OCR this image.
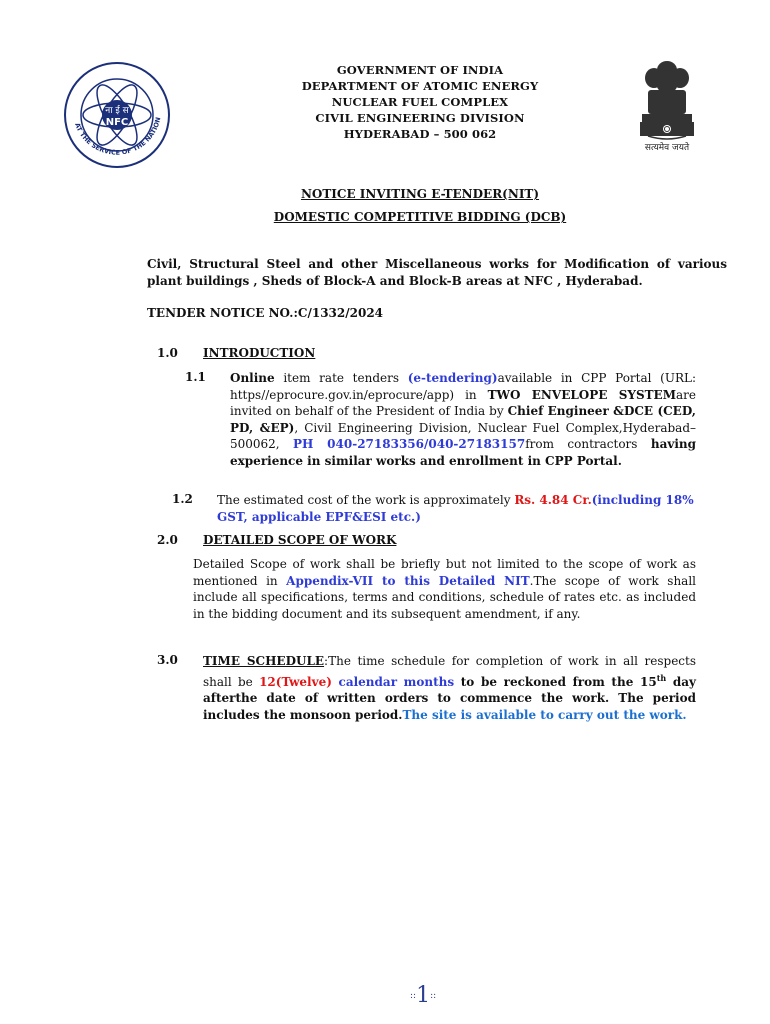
ना ई स
NFC
AT THE SERVICE OF THE NATION
सत्यमेव जयते
GOVERNMENT OF INDIA
DEPARTMENT OF ATOMIC ENERGY
NUCLEAR FUEL COMPLEX
CIVIL ENGINEERING DIVISION
HYDERABAD – 500 062
NOTICE INVITING E-TENDER(NIT)
DOMESTIC COMPETITIVE BIDDING (DCB)
Civil, Structural Steel and other Miscellaneous works for Modification of various plant buildings , Sheds of Block-A and Block-B areas at NFC , Hyderabad.
TENDER NOTICE NO.:C/1332/2024
1.0 INTRODUCTION
1.1 Online item rate tenders (e-tendering)available in CPP Portal (URL: https//eprocure.gov.in/eprocure/app) in TWO ENVELOPE SYSTEMare invited on behalf of the President of India by Chief Engineer &DCE (CED, PD, &EP), Civil Engineering Division, Nuclear Fuel Complex,Hyderabad–500062, PH 040-27183356/040-27183157from contractors having experience in similar works and enrollment in CPP Portal.
1.2 The estimated cost of the work is approximately Rs. 4.84 Cr.(including 18% GST, applicable EPF&ESI etc.)
2.0 DETAILED SCOPE OF WORK
Detailed Scope of work shall be briefly but not limited to the scope of work as mentioned in Appendix-VII to this Detailed NIT.The scope of work shall include all specifications, terms and conditions, schedule of rates etc. as included in the bidding document and its subsequent amendment, if any.
3.0 TIME SCHEDULE:The time schedule for completion of work in all respects shall be 12(Twelve) calendar months to be reckoned from the 15th day afterthe date of written orders to commence the work. The period includes the monsoon period.The site is available to carry out the work.
::1::
